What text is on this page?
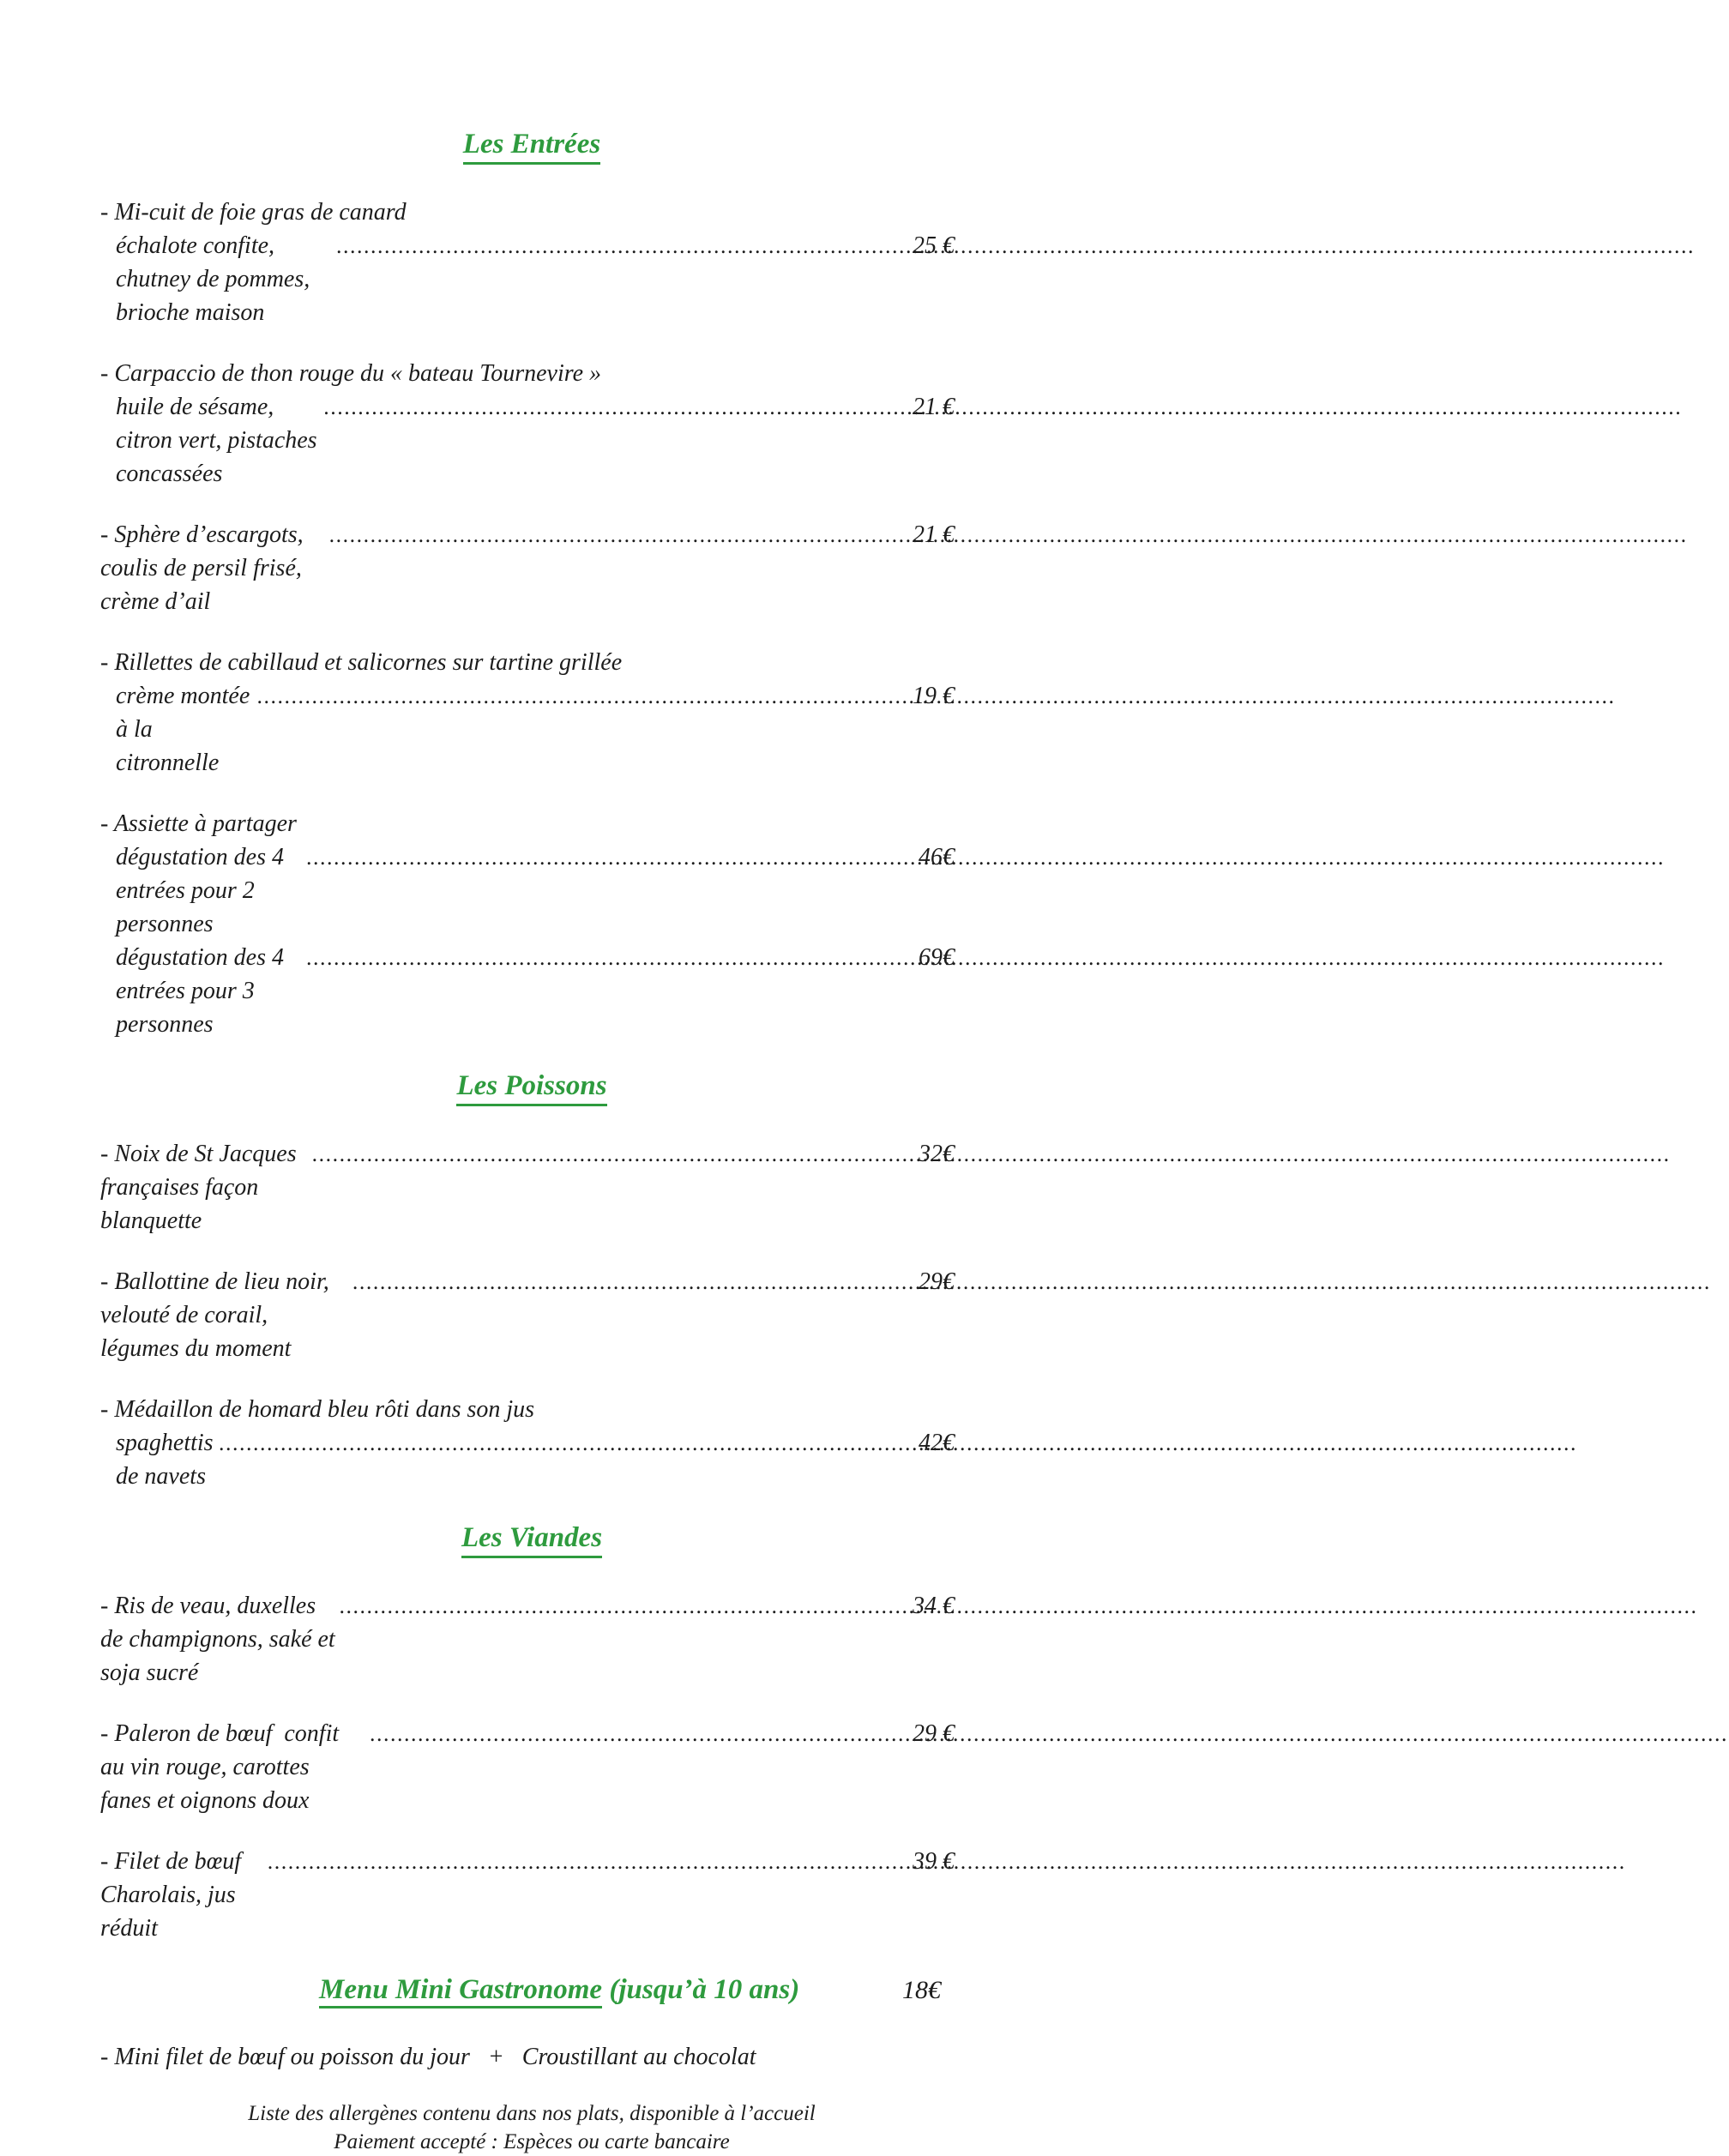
Les Entrées
- Mi-cuit de foie gras de canard
échalote confite, chutney de pommes, brioche maison
.....
25 €
- Carpaccio de thon rouge du « bateau Tournevire »
huile de sésame, citron vert, pistaches concassées
.....
21 €
- Sphère d’escargots, coulis de persil frisé, crème d’ail
.....
21 €
- Rillettes de cabillaud et salicornes sur tartine grillée
crème montée à la citronnelle
.....
19 €
- Assiette à partager
dégustation des 4 entrées pour 2 personnes
.....
46€
dégustation des 4 entrées pour 3 personnes
.....
69€
Les Poissons
- Noix de St Jacques françaises façon blanquette
.....
32€
- Ballottine de lieu noir, velouté de corail, légumes du moment
.....
29€
- Médaillon de homard bleu rôti dans son jus
spaghettis de navets
.....
42€
Les Viandes
- Ris de veau, duxelles de champignons, saké et soja sucré
.....
34 €
- Paleron de bœuf  confit au vin rouge, carottes fanes et oignons doux
.....
29 €
- Filet de bœuf Charolais, jus réduit
.....
39 €
Menu Mini Gastronome (jusqu’à 10 ans)	18€
- Mini filet de bœuf ou poisson du jour   +   Croustillant au chocolat
Liste des allergènes contenu dans nos plats, disponible à l’accueil
Paiement accepté : Espèces ou carte bancaire
